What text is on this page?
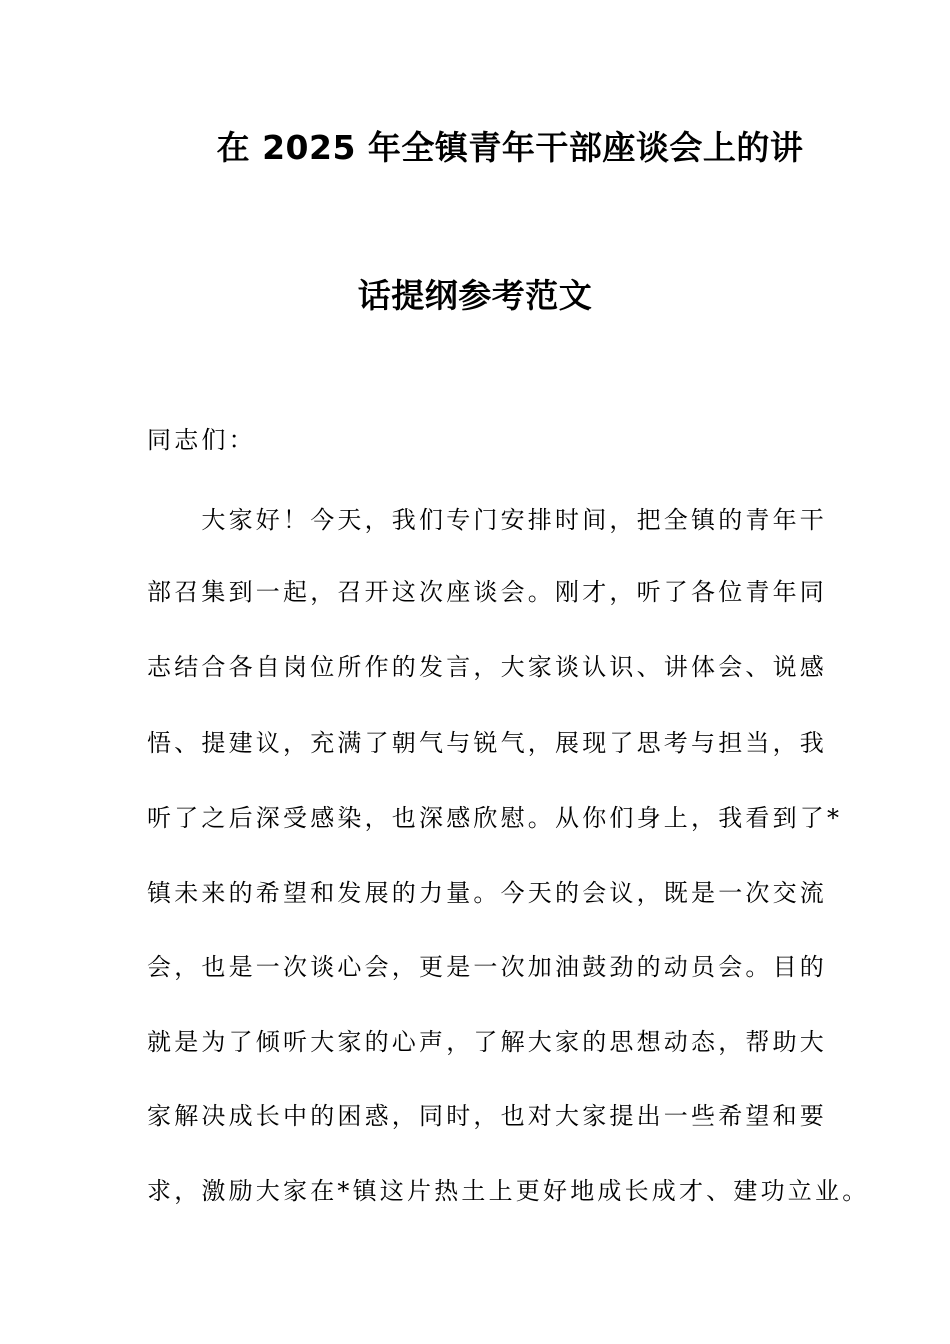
在 2025 年全镇青年干部座谈会上的讲
话提纲参考范文
同志们：
　　大家好！今天，我们专门安排时间，把全镇的青年干
部召集到一起，召开这次座谈会。刚才，听了各位青年同
志结合各自岗位所作的发言，大家谈认识、讲体会、说感
悟、提建议，充满了朝气与锐气，展现了思考与担当，我
听了之后深受感染，也深感欣慰。从你们身上，我看到了*
镇未来的希望和发展的力量。今天的会议，既是一次交流
会，也是一次谈心会，更是一次加油鼓劲的动员会。目的
就是为了倾听大家的心声，了解大家的思想动态，帮助大
家解决成长中的困惑，同时，也对大家提出一些希望和要
求，激励大家在*镇这片热土上更好地成长成才、建功立业。
